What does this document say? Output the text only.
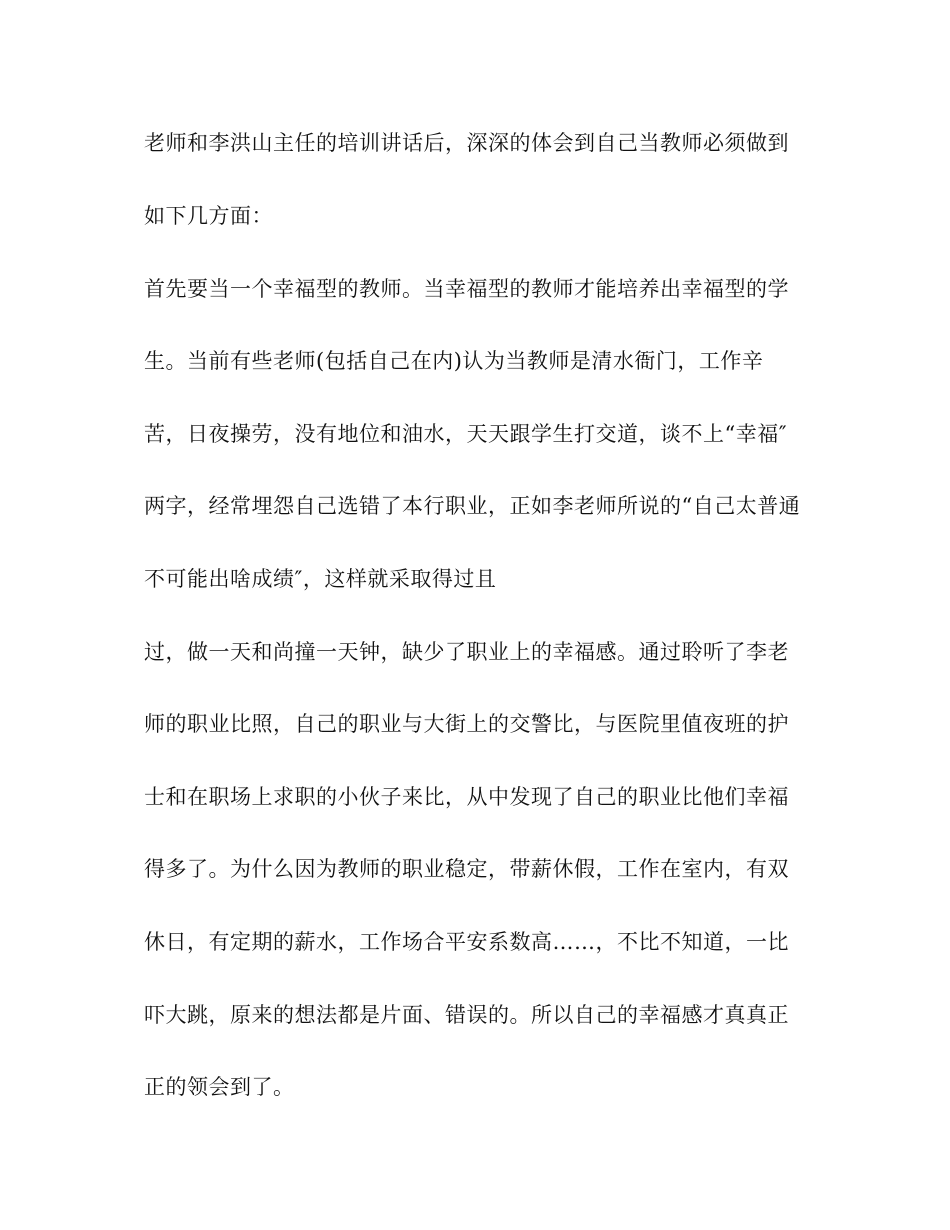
老师和李洪山主任的培训讲话后，深深的体会到自己当教师必须做到
如下几方面：
首先要当一个幸福型的教师。当幸福型的教师才能培养出幸福型的学
生。当前有些老师(包括自己在内)认为当教师是清水衙门，工作辛
苦，日夜操劳，没有地位和油水，天天跟学生打交道，谈不上“幸福″
两字，经常埋怨自己选错了本行职业，正如李老师所说的“自己太普通
不可能出啥成绩″，这样就采取得过且
过，做一天和尚撞一天钟，缺少了职业上的幸福感。通过聆听了李老
师的职业比照，自己的职业与大街上的交警比，与医院里值夜班的护
士和在职场上求职的小伙子来比，从中发现了自己的职业比他们幸福
得多了。为什么因为教师的职业稳定，带薪休假，工作在室内，有双
休日，有定期的薪水，工作场合平安系数高……，不比不知道，一比
吓大跳，原来的想法都是片面、错误的。所以自己的幸福感才真真正
正的领会到了。
